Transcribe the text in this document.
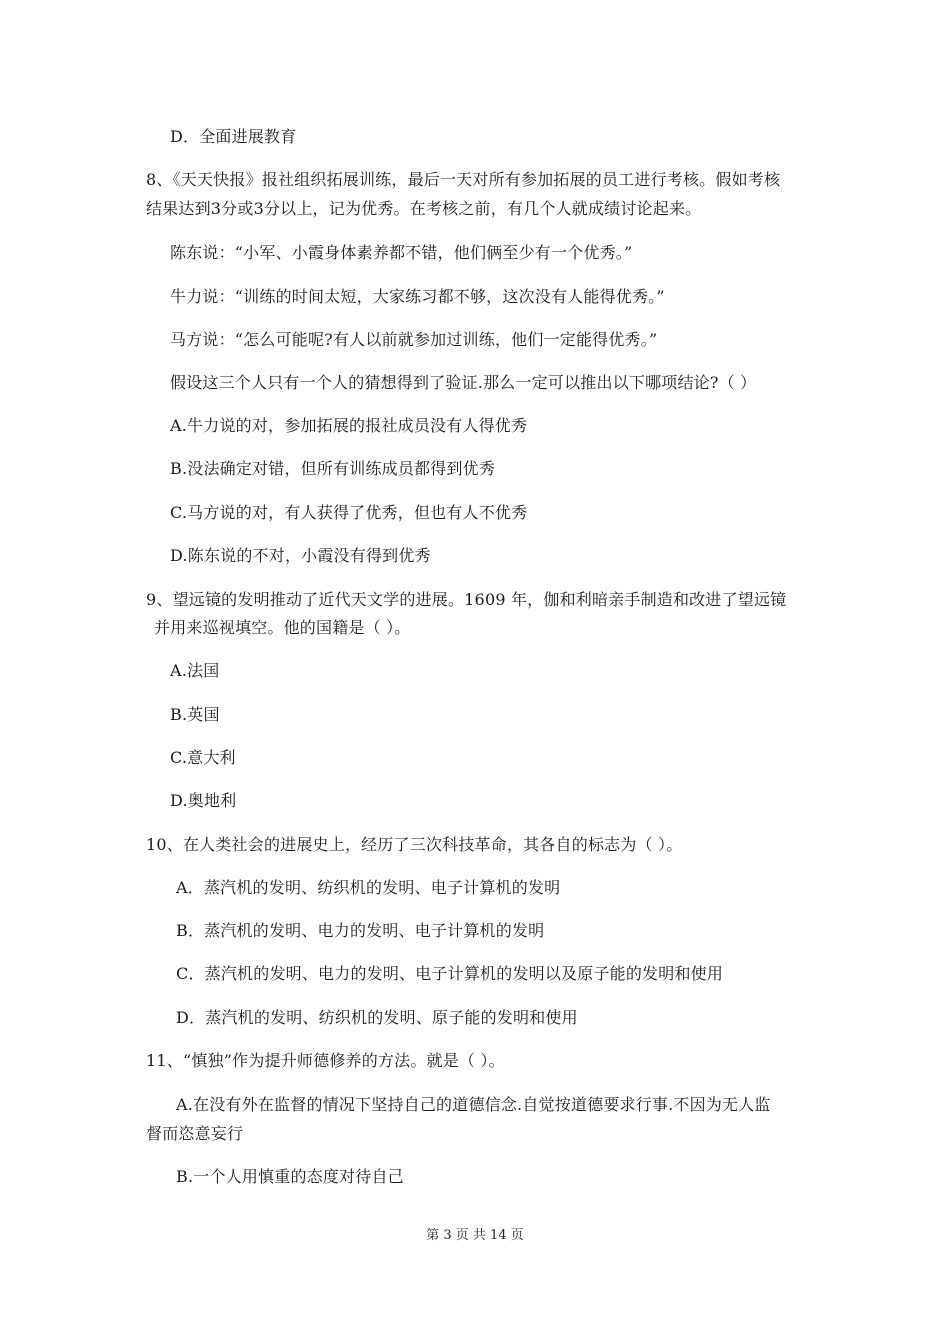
D．全面进展教育
8、《天天快报》报社组织拓展训练，最后一天对所有参加拓展的员工进行考核。假如考核
结果达到3分或3分以上，记为优秀。在考核之前，有几个人就成绩讨论起来。
陈东说：“小军、小霞身体素养都不错，他们俩至少有一个优秀。”
牛力说：“训练的时间太短，大家练习都不够，这次没有人能得优秀。”
马方说：“怎么可能呢?有人以前就参加过训练，他们一定能得优秀。”
假设这三个人只有一个人的猜想得到了验证.那么一定可以推出以下哪项结论?（ ）
A.牛力说的对，参加拓展的报社成员没有人得优秀
B.没法确定对错，但所有训练成员都得到优秀
C.马方说的对，有人获得了优秀，但也有人不优秀
D.陈东说的不对，小霞没有得到优秀
9、望远镜的发明推动了近代天文学的进展。1609 年，伽和利暗亲手制造和改进了望远镜
并用来巡视填空。他的国籍是（ ）。
A.法国
B.英国
C.意大利
D.奥地利
10、在人类社会的进展史上，经历了三次科技革命，其各自的标志为（ ）。
A．蒸汽机的发明、纺织机的发明、电子计算机的发明
B．蒸汽机的发明、电力的发明、电子计算机的发明
C．蒸汽机的发明、电力的发明、电子计算机的发明以及原子能的发明和使用
D．蒸汽机的发明、纺织机的发明、原子能的发明和使用
11、“慎独”作为提升师德修养的方法。就是（ ）。
A.在没有外在监督的情况下坚持自己的道德信念.自觉按道德要求行事.不因为无人监
督而恣意妄行
B.一个人用慎重的态度对待自己
第 3 页 共 14 页
